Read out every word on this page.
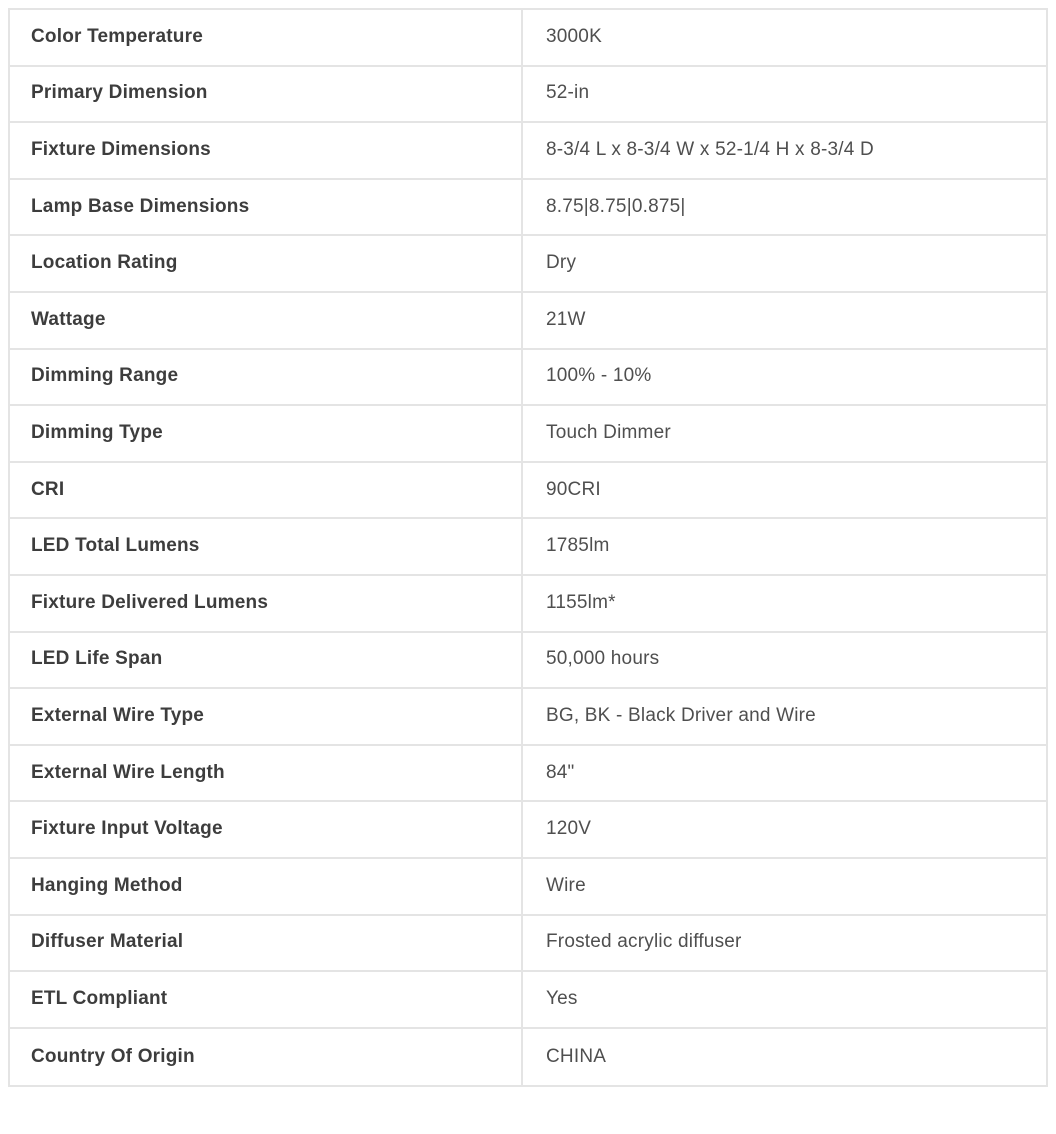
Color Temperature	3000K
Primary Dimension	52-in
Fixture Dimensions	8-3/4 L x 8-3/4 W x 52-1/4 H x 8-3/4 D
Lamp Base Dimensions	8.75|8.75|0.875|
Location Rating	Dry
Wattage	21W
Dimming Range	100% - 10%
Dimming Type	Touch Dimmer
CRI	90CRI
LED Total Lumens	1785lm
Fixture Delivered Lumens	1155lm*
LED Life Span	50,000 hours
External Wire Type	BG, BK - Black Driver and Wire
External Wire Length	84"
Fixture Input Voltage	120V
Hanging Method	Wire
Diffuser Material	Frosted acrylic diffuser
ETL Compliant	Yes
Country Of Origin	CHINA
